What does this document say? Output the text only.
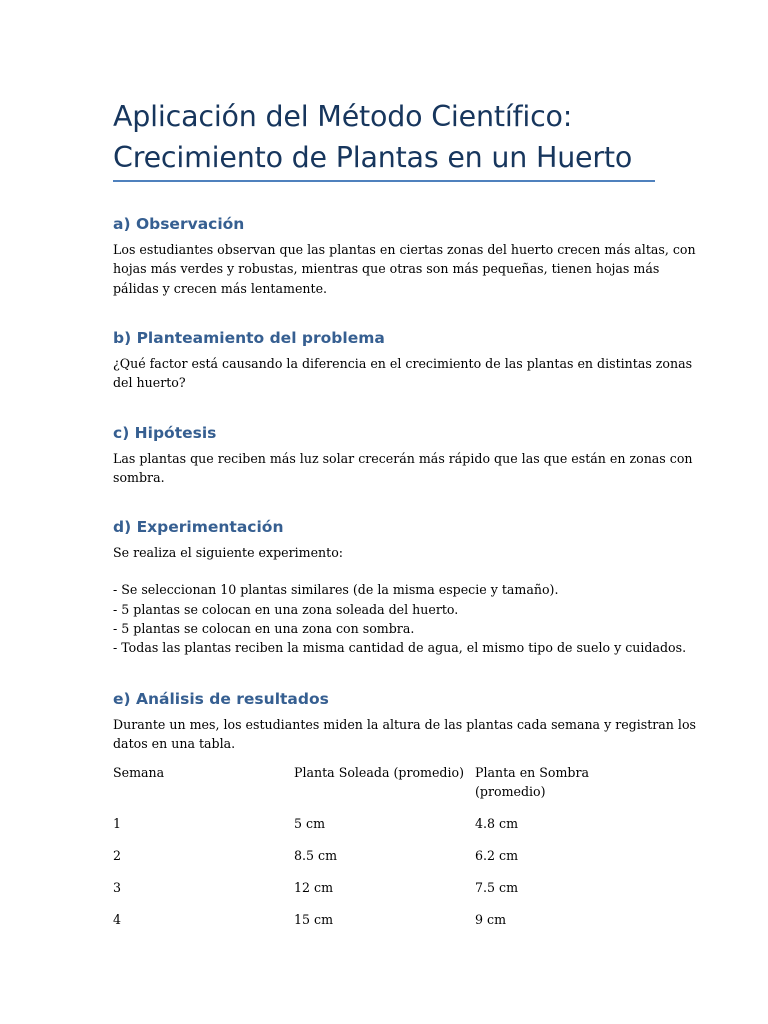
Aplicación del Método Científico:
Crecimiento de Plantas en un Huerto
a) Observación

Los estudiantes observan que las plantas en ciertas zonas del huerto crecen más altas, con

hojas más verdes y robustas, mientras que otras son más pequeñas, tienen hojas más

pálidas y crecen más lentamente.

b) Planteamiento del problema

¿Qué factor está causando la diferencia en el crecimiento de las plantas en distintas zonas

del huerto?

c) Hipótesis

Las plantas que reciben más luz solar crecerán más rápido que las que están en zonas con

sombra.

d) Experimentación

Se realiza el siguiente experimento:

- Se seleccionan 10 plantas similares (de la misma especie y tamaño).

- 5 plantas se colocan en una zona soleada del huerto.

- 5 plantas se colocan en una zona con sombra.

- Todas las plantas reciben la misma cantidad de agua, el mismo tipo de suelo y cuidados.

e) Análisis de resultados

Durante un mes, los estudiantes miden la altura de las plantas cada semana y registran los

datos en una tabla.

Semana	Planta Soleada (promedio)	Planta en Sombra
(promedio)
1	5 cm	4.8 cm
2	8.5 cm	6.2 cm
3	12 cm	7.5 cm
4	15 cm	9 cm
